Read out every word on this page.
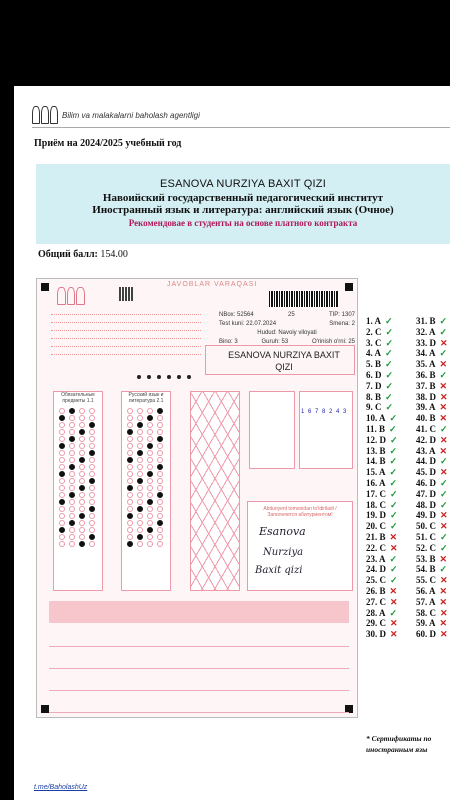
Bilim va malakalarni baholash agentligi
Приём на 2024/2025 учебный год
ESANOVA NURZIYA BAXIT QIZI
Навоийский государственный педагогический институт
Иностранный язык и литература: английский язык (Очное)
Рекомендовае в студенты на основе платного контракта
Общий балл: 154.00
JAVOBLAR VARAQASI
NBox: 52564	25	TIP: 1307
Test kuni: 22.07.2024	Smena: 2
Hudud: Navoiy viloyati
Bino: 3	Guruh: 53	O'rinish o'rni: 25
ESANOVA NURZIYA BAXIT
QIZI
Обязательные предметы 1.1
Русский язык и литература 2.1
1 6 7 8 2 4 3
Abituriyent tomonidan to'ldiriladi / Заполняется абитуриентом!
Esanova
Nurziya
Baxit qizi
1. A ✓
2. C ✓
3. C ✓
4. A ✓
5. B ✓
6. D ✓
7. D ✓
8. B ✓
9. C ✓
10. A ✓
11. B ✓
12. D ✓
13. B ✓
14. B ✓
15. A ✓
16. A ✓
17. C ✓
18. C ✓
19. D ✓
20. C ✓
21. B ✕
22. C ✕
23. A ✓
24. D ✓
25. C ✓
26. B ✕
27. C ✕
28. A ✓
29. C ✕
30. D ✕
31. B ✓
32. A ✓
33. D ✕
34. A ✓
35. A ✕
36. B ✓
37. B ✕
38. D ✕
39. A ✕
40. B ✕
41. C ✓
42. D ✕
43. A ✕
44. D ✓
45. D ✕
46. D ✓
47. D ✓
48. D ✓
49. D ✕
50. C ✕
51. C ✓
52. C ✓
53. B ✕
54. B ✓
55. C ✕
56. A ✕
57. A ✕
58. C ✕
59. A ✕
60. D ✕
* Сертификаты по
иностранным язы
t.me/BaholashUz
